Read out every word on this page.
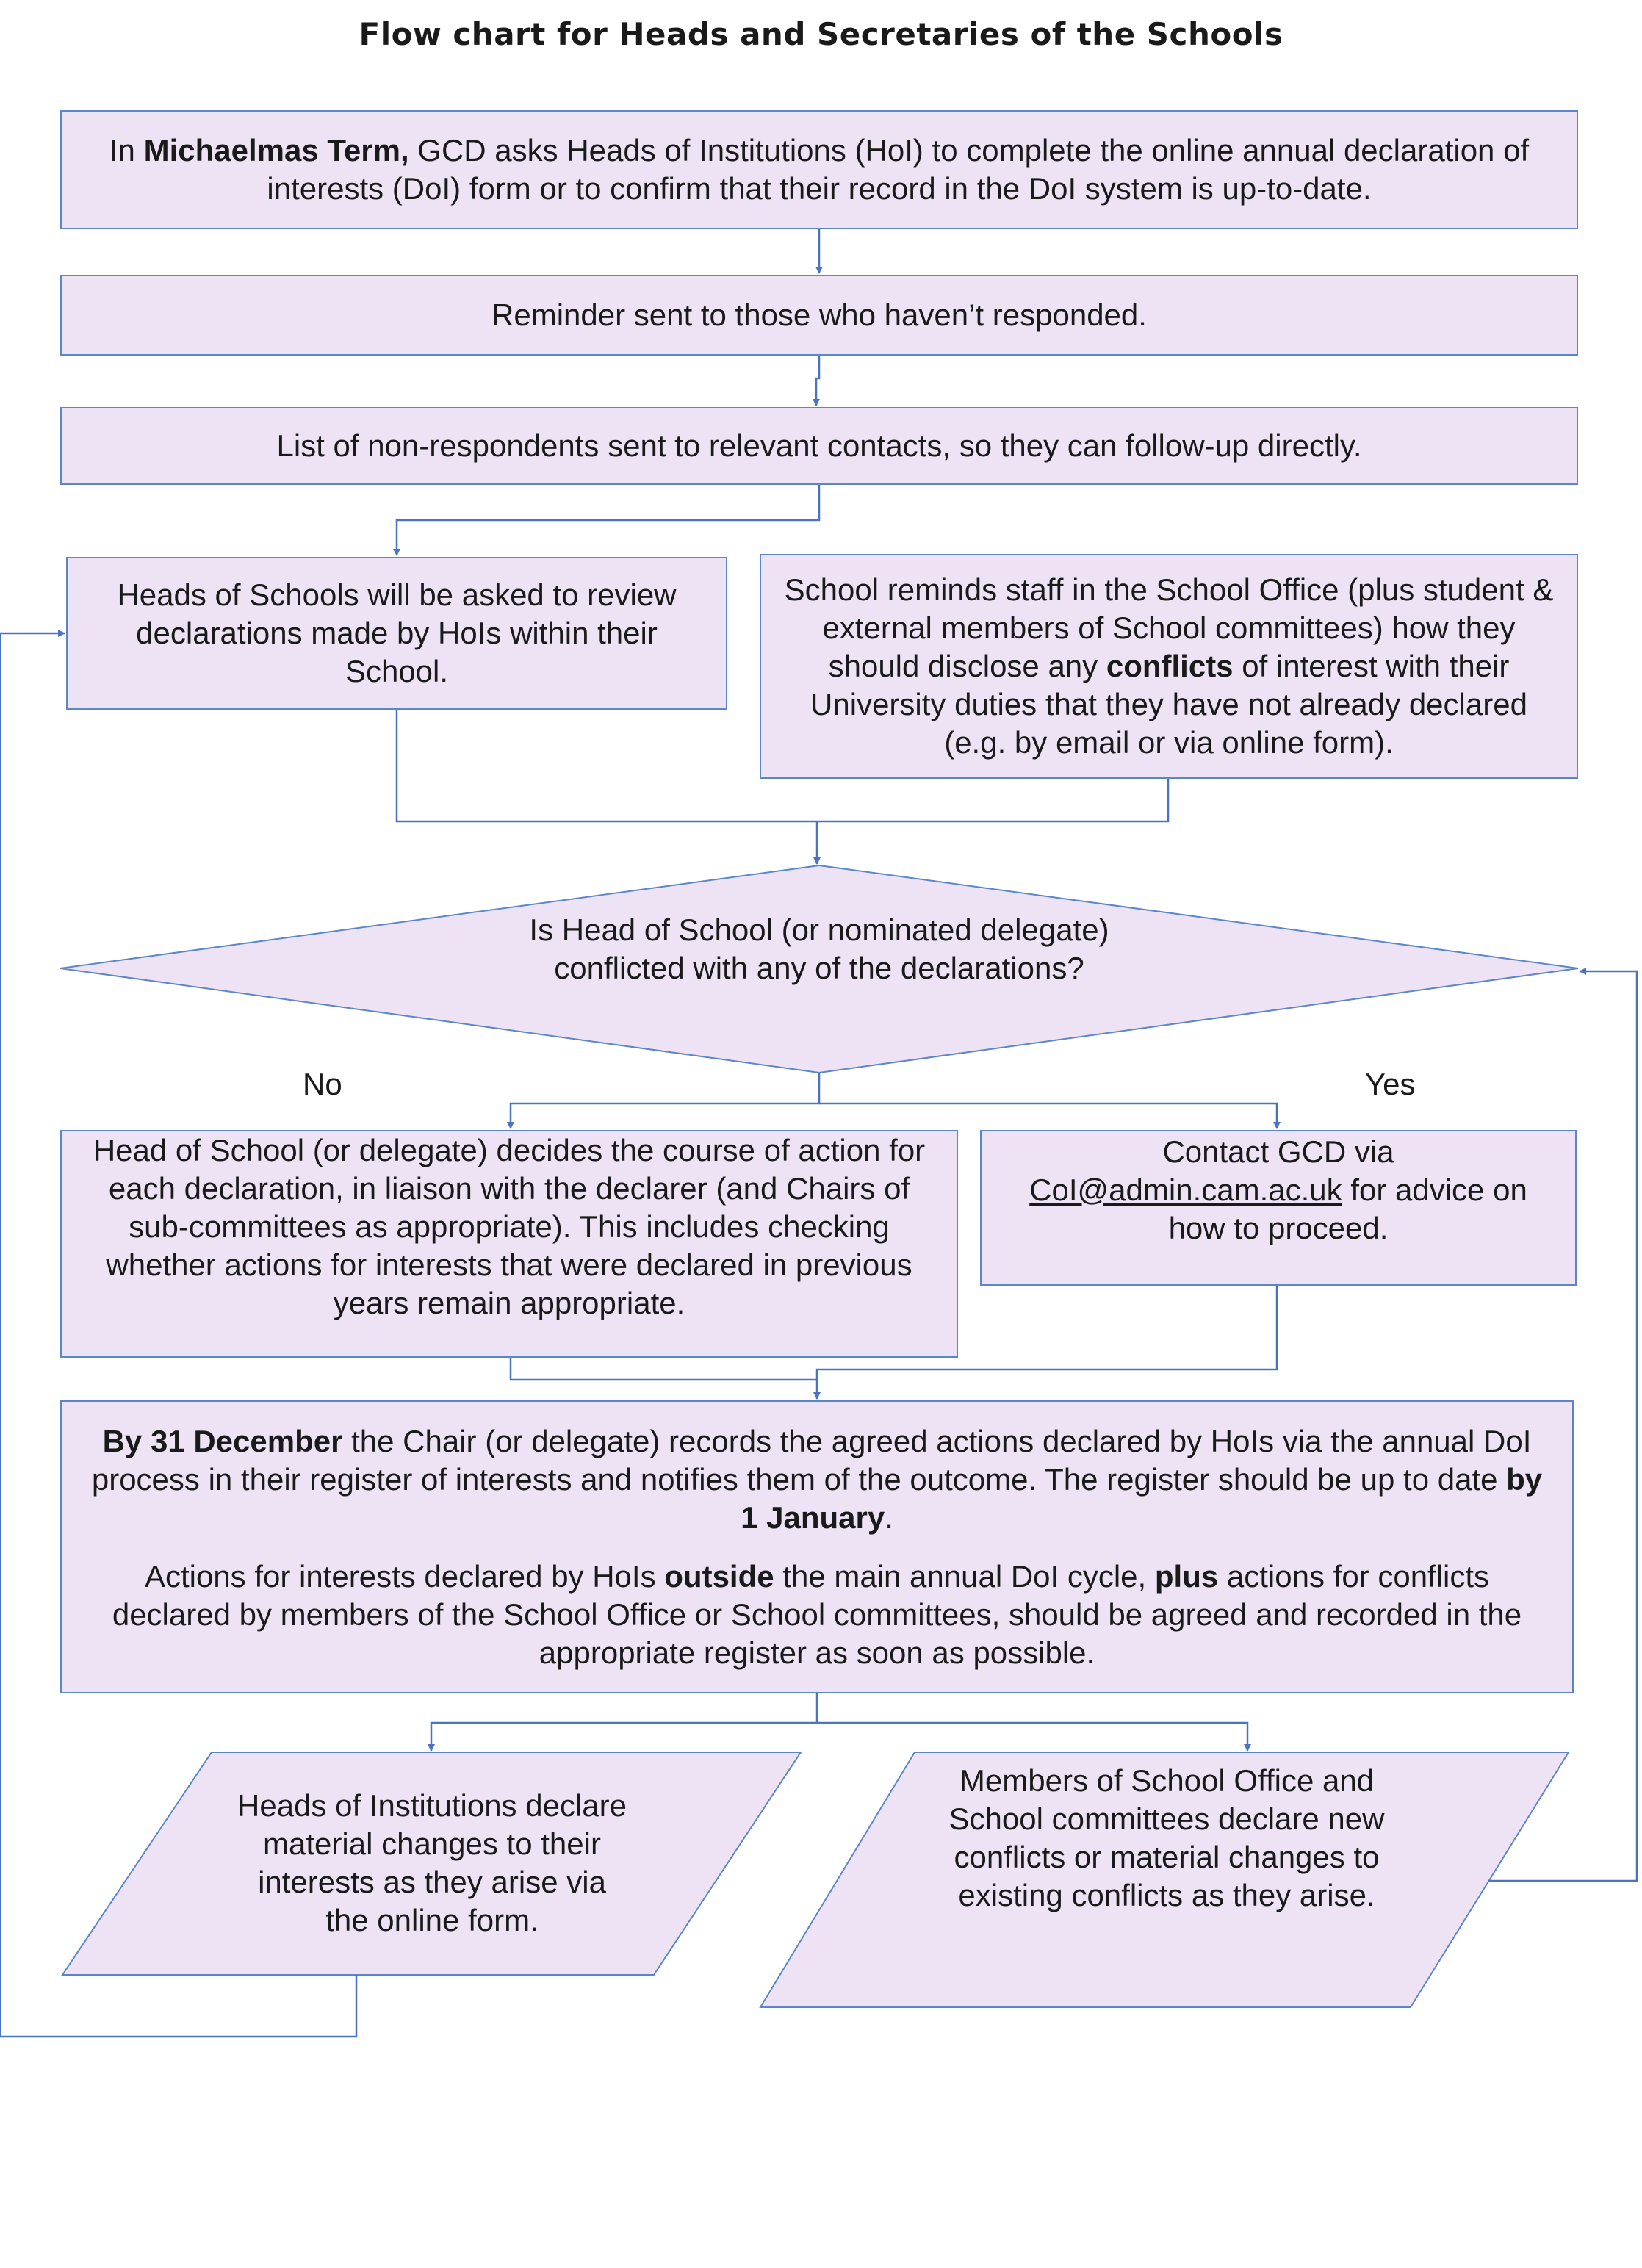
Flow chart for Heads and Secretaries of the Schools

In Michaelmas Term, GCD asks Heads of Institutions (HoI) to complete the online annual declaration of interests (DoI) form or to confirm that their record in the DoI system is up-to-date.

Reminder sent to those who haven’t responded.

List of non-respondents sent to relevant contacts, so they can follow-up directly.

Heads of Schools will be asked to review declarations made by HoIs within their School.

School reminds staff in the School Office (plus student & external members of School committees) how they should disclose any conflicts of interest with their University duties that they have not already declared (e.g. by email or via online form).

Is Head of School (or nominated delegate) conflicted with any of the declarations?
No	Yes

Head of School (or delegate) decides the course of action for each declaration, in liaison with the declarer (and Chairs of sub-committees as appropriate). This includes checking whether actions for interests that were declared in previous years remain appropriate.

Contact GCD via CoI@admin.cam.ac.uk for advice on how to proceed.

By 31 December the Chair (or delegate) records the agreed actions declared by HoIs via the annual DoI process in their register of interests and notifies them of the outcome. The register should be up to date by 1 January.

Actions for interests declared by HoIs outside the main annual DoI cycle, plus actions for conflicts declared by members of the School Office or School committees, should be agreed and recorded in the appropriate register as soon as possible.

Heads of Institutions declare material changes to their interests as they arise via the online form.
Members of School Office and School committees declare new conflicts or material changes to existing conflicts as they arise.
